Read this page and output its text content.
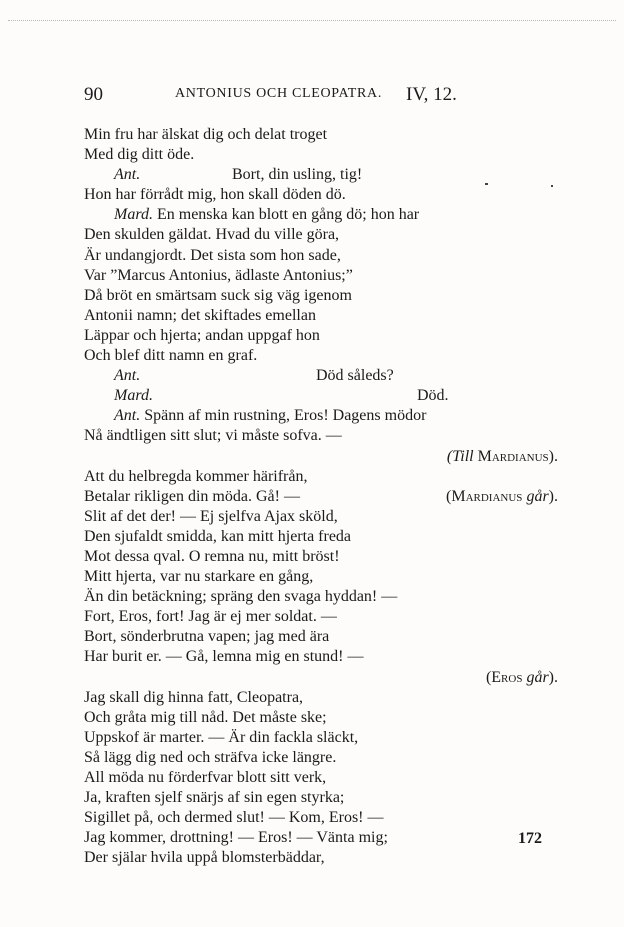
90	ANTONIUS OCH CLEOPATRA. IV, 12.
Min fru har älskat dig och delat troget
Med dig ditt öde.
Ant.	Bort, din usling, tig!
Hon har förrådt mig, hon skall döden dö.
Mard. En menska kan blott en gång dö; hon har
Den skulden gäldat. Hvad du ville göra,
Är undangjordt. Det sista som hon sade,
Var ”Marcus Antonius, ädlaste Antonius;”
Då bröt en smärtsam suck sig väg igenom
Antonii namn; det skiftades emellan
Läppar och hjerta; andan uppgaf hon
Och blef ditt namn en graf.
Ant.	Död såleds?
Mard.	Död.
Ant. Spänn af min rustning, Eros! Dagens mödor
Nå ändtligen sitt slut; vi måste sofva. —
(Till Mardianus).
Att du helbregda kommer härifrån,
Betalar rikligen din möda. Gå! —	(Mardianus går).
Slit af det der! — Ej sjelfva Ajax sköld,
Den sjufaldt smidda, kan mitt hjerta freda
Mot dessa qval. O remna nu, mitt bröst!
Mitt hjerta, var nu starkare en gång,
Än din betäckning; spräng den svaga hyddan! —
Fort, Eros, fort! Jag är ej mer soldat. —
Bort, sönderbrutna vapen; jag med ära
Har burit er. — Gå, lemna mig en stund! —
(Eros går).
Jag skall dig hinna fatt, Cleopatra,
Och gråta mig till nåd. Det måste ske;
Uppskof är marter. — Är din fackla släckt,
Så lägg dig ned och sträfva icke längre.
All möda nu förderfvar blott sitt verk,
Ja, kraften sjelf snärjs af sin egen styrka;
Sigillet på, och dermed slut! — Kom, Eros! —
Jag kommer, drottning! — Eros! — Vänta mig;
Der själar hvila uppå blomsterbäddar,
172
